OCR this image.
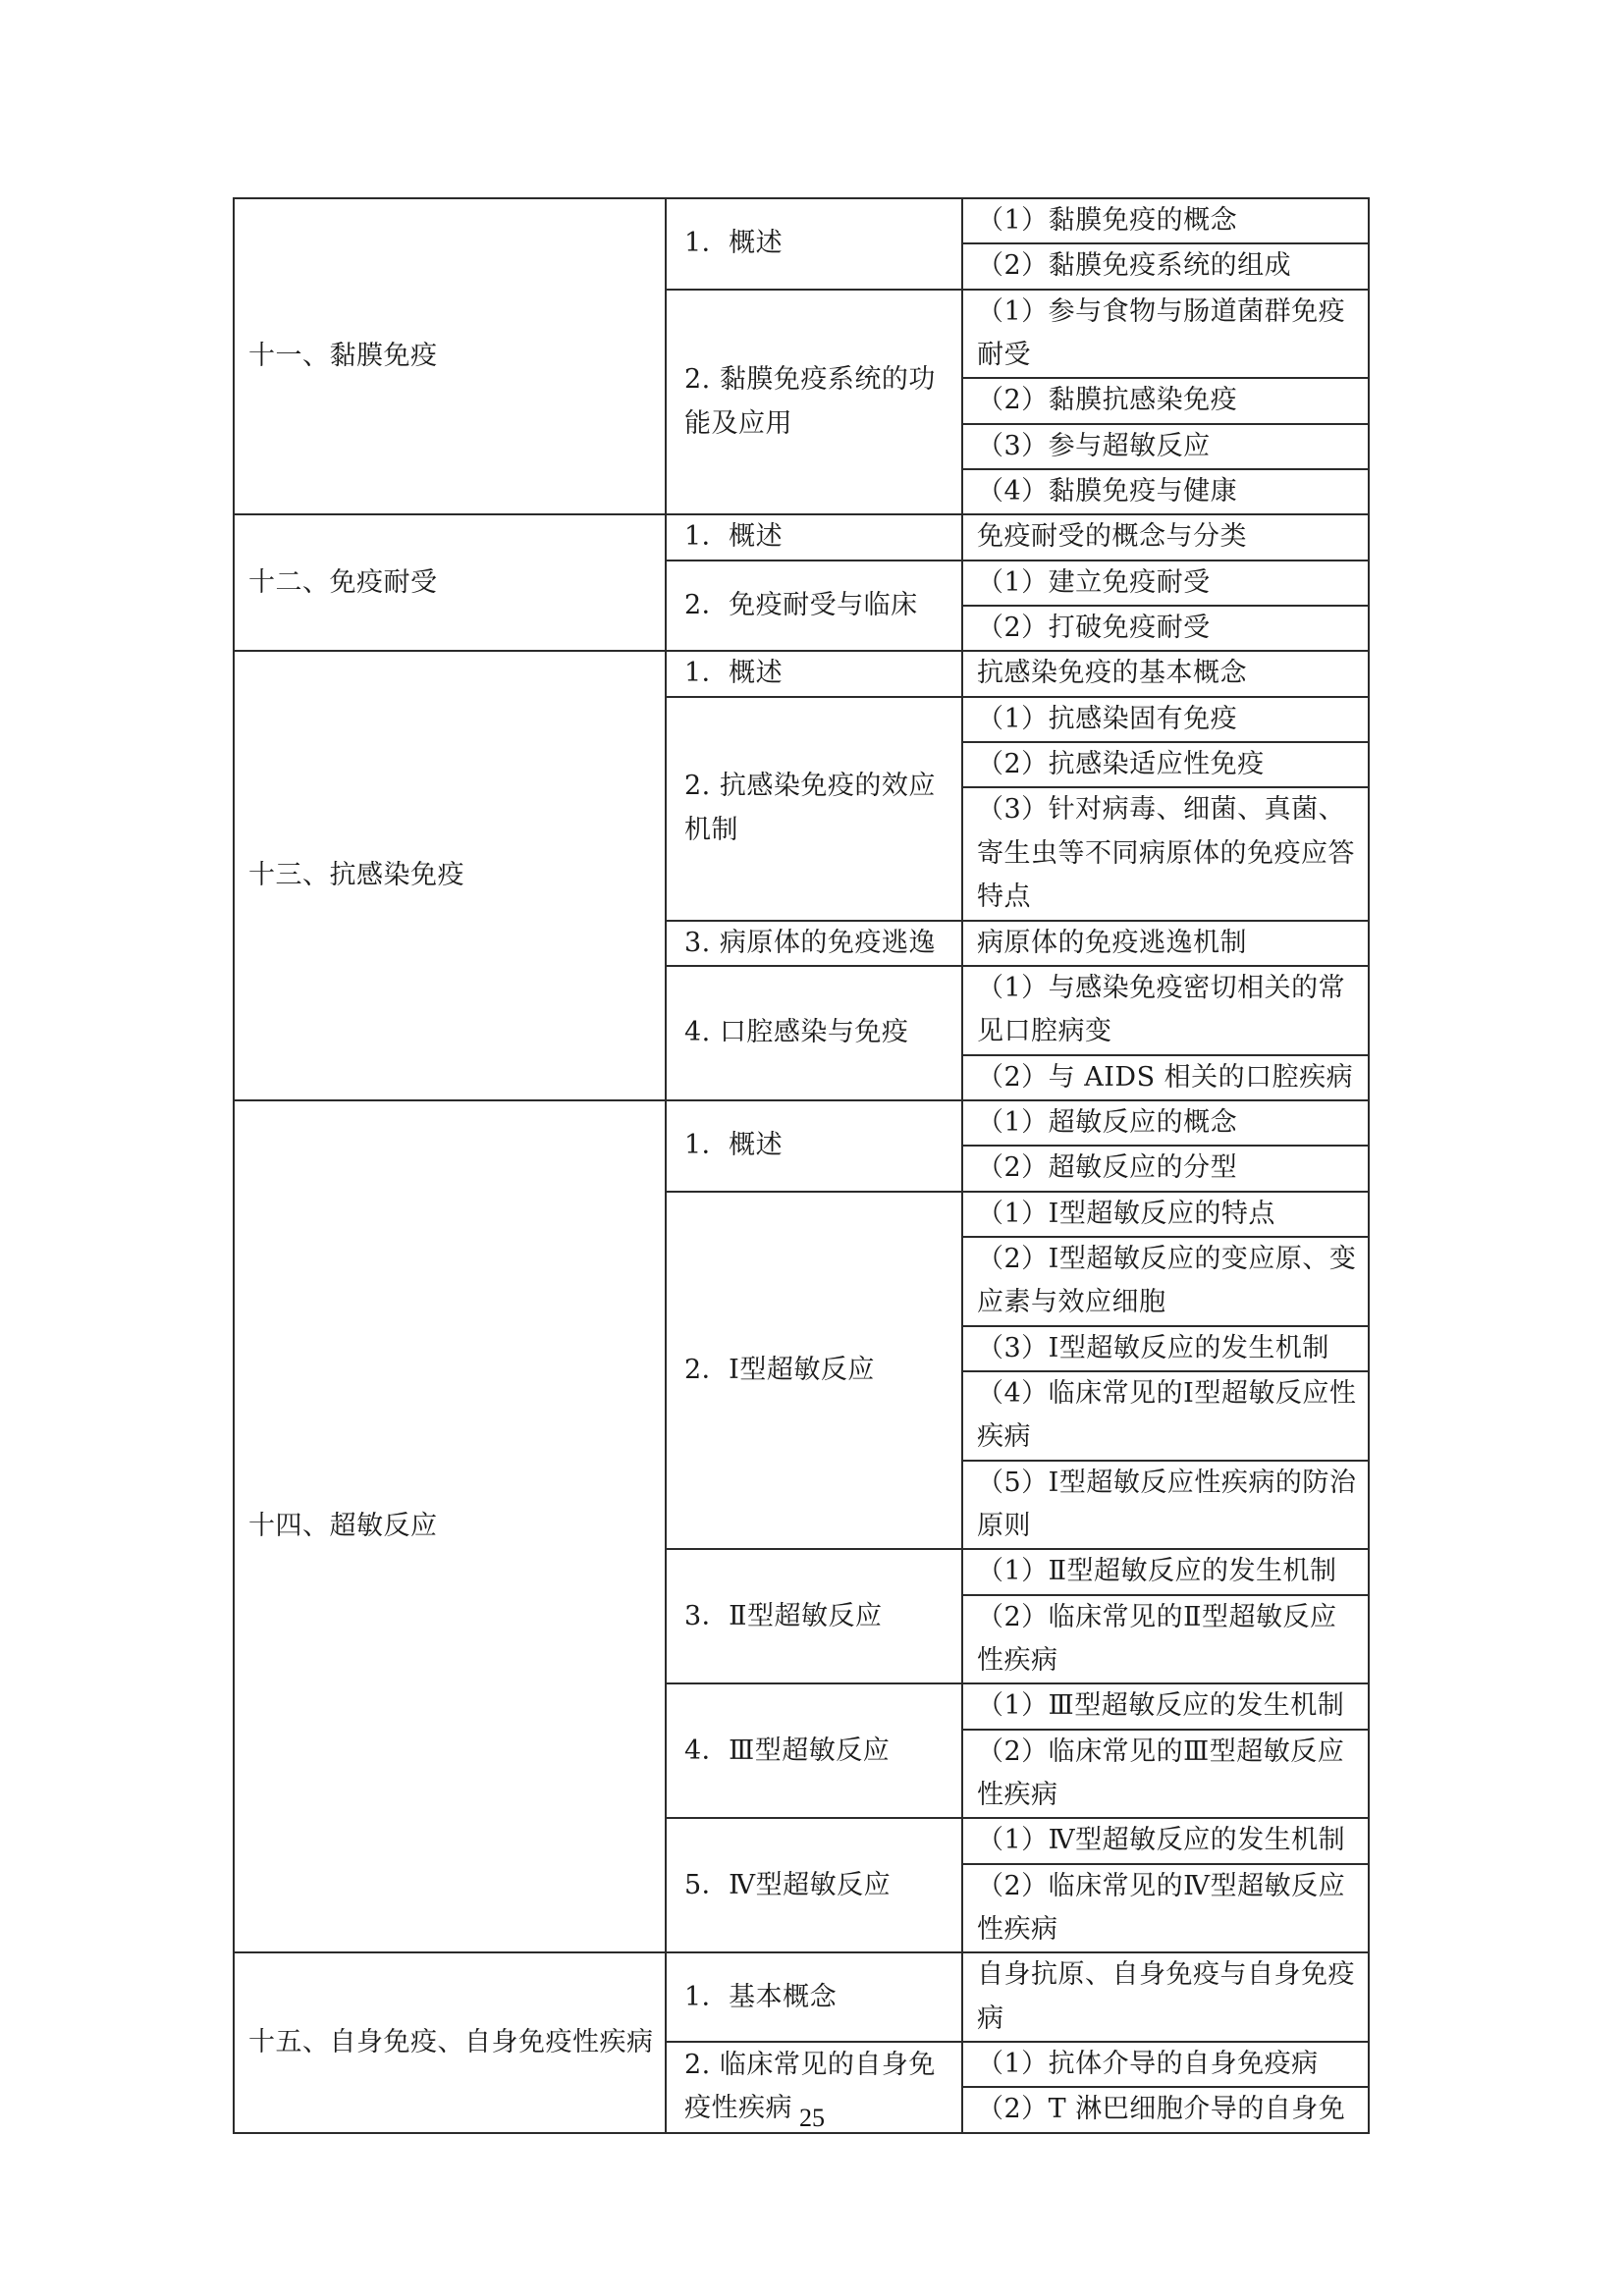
十一、黏膜免疫	1．概述	（1）黏膜免疫的概念

		（2）黏膜免疫系统的组成

	2. 黏膜免疫系统的功能及应用	（1）参与食物与肠道菌群免疫耐受

		（2）黏膜抗感染免疫

		（3）参与超敏反应

		（4）黏膜免疫与健康

十二、免疫耐受	1．概述	免疫耐受的概念与分类

	2．免疫耐受与临床	（1）建立免疫耐受

		（2）打破免疫耐受

十三、抗感染免疫	1．概述	抗感染免疫的基本概念

	2. 抗感染免疫的效应机制	（1）抗感染固有免疫

		（2）抗感染适应性免疫

		（3）针对病毒、细菌、真菌、寄生虫等不同病原体的免疫应答特点

	3. 病原体的免疫逃逸	病原体的免疫逃逸机制

	4. 口腔感染与免疫	（1）与感染免疫密切相关的常见口腔病变

		（2）与 AIDS 相关的口腔疾病

十四、超敏反应	1．概述	（1）超敏反应的概念

		（2）超敏反应的分型

	2．Ⅰ型超敏反应	（1）Ⅰ型超敏反应的特点

		（2）Ⅰ型超敏反应的变应原、变应素与效应细胞

		（3）Ⅰ型超敏反应的发生机制

		（4）临床常见的Ⅰ型超敏反应性疾病

		（5）Ⅰ型超敏反应性疾病的防治原则

	3．Ⅱ型超敏反应	（1）Ⅱ型超敏反应的发生机制

		（2）临床常见的Ⅱ型超敏反应性疾病

	4．Ⅲ型超敏反应	（1）Ⅲ型超敏反应的发生机制

		（2）临床常见的Ⅲ型超敏反应性疾病

	5．Ⅳ型超敏反应	（1）Ⅳ型超敏反应的发生机制

		（2）临床常见的Ⅳ型超敏反应性疾病

十五、自身免疫、自身免疫性疾病	1．基本概念	自身抗原、自身免疫与自身免疫病

	2. 临床常见的自身免疫性疾病	（1）抗体介导的自身免疫病

		（2）T 淋巴细胞介导的自身免
25
